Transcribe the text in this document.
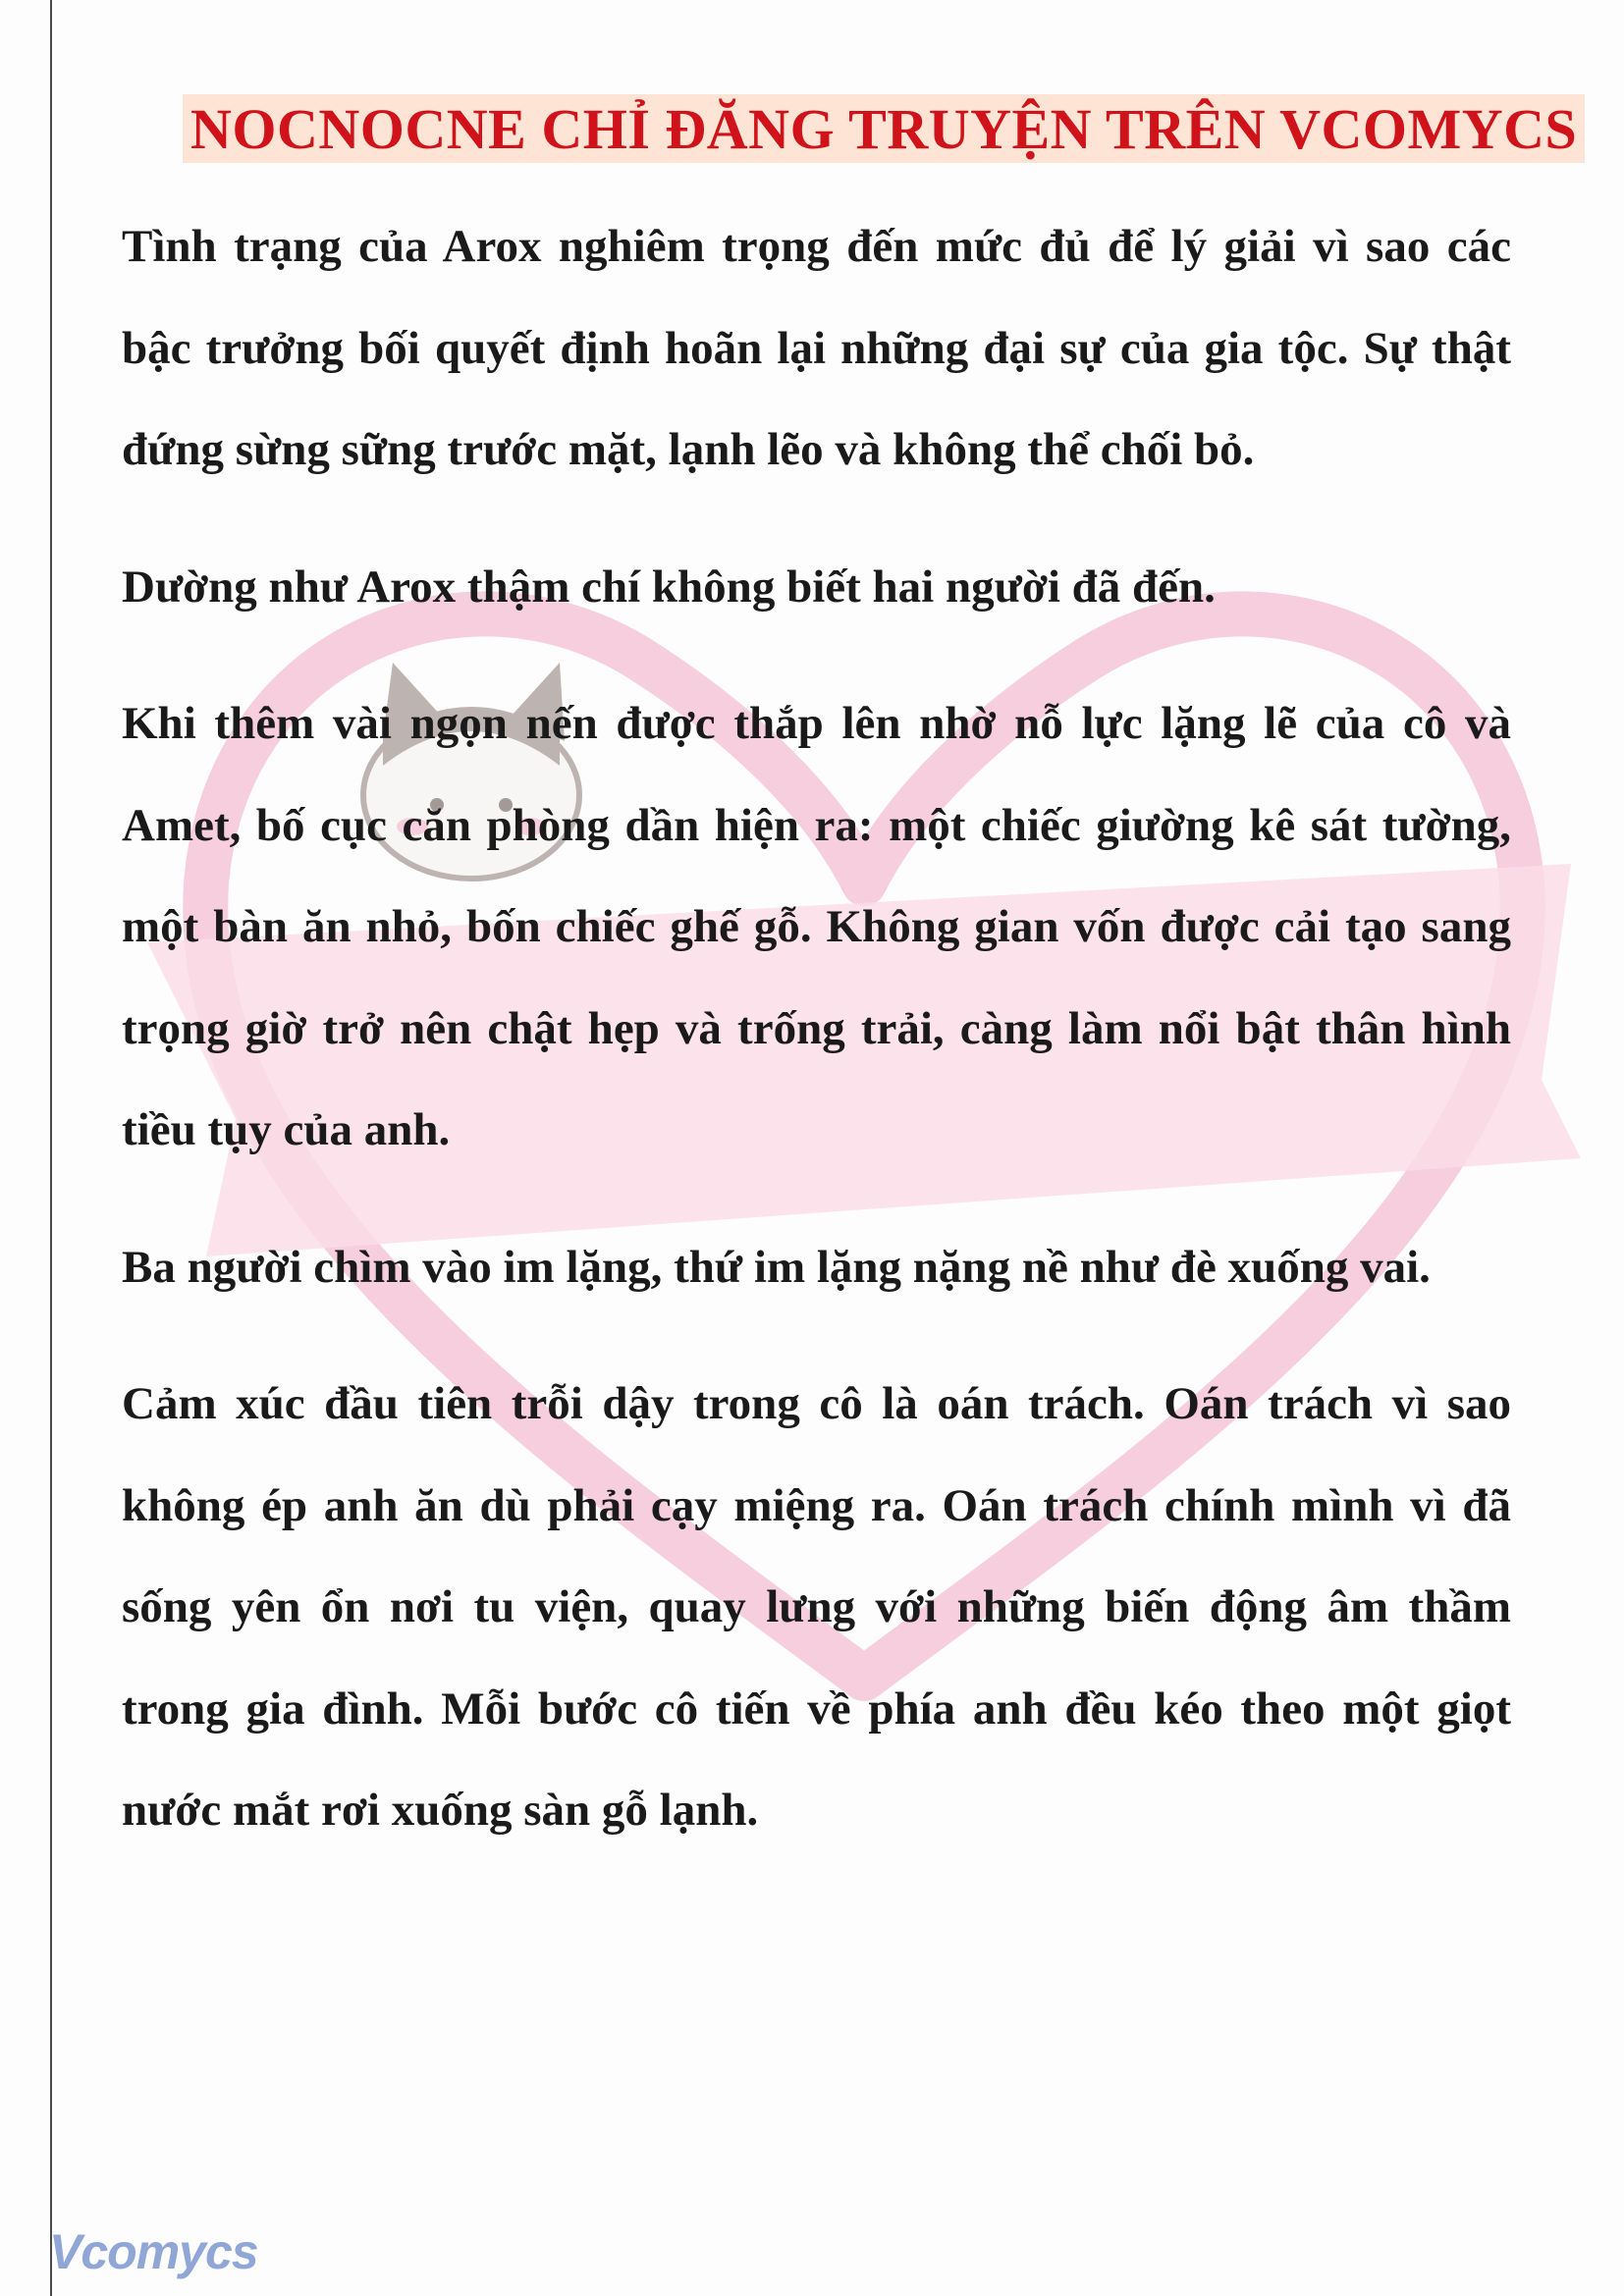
NOCNOCNE CHỈ ĐĂNG TRUYỆN TRÊN VCOMYCS

Tình trạng của Arox nghiêm trọng đến mức đủ để lý giải vì sao các bậc trưởng bối quyết định hoãn lại những đại sự của gia tộc. Sự thật đứng sừng sững trước mặt, lạnh lẽo và không thể chối bỏ.

Dường như Arox thậm chí không biết hai người đã đến.

Khi thêm vài ngọn nến được thắp lên nhờ nỗ lực lặng lẽ của cô và Amet, bố cục căn phòng dần hiện ra: một chiếc giường kê sát tường, một bàn ăn nhỏ, bốn chiếc ghế gỗ. Không gian vốn được cải tạo sang trọng giờ trở nên chật hẹp và trống trải, càng làm nổi bật thân hình tiều tụy của anh.

Ba người chìm vào im lặng, thứ im lặng nặng nề như đè xuống vai.

Cảm xúc đầu tiên trỗi dậy trong cô là oán trách. Oán trách vì sao không ép anh ăn dù phải cạy miệng ra. Oán trách chính mình vì đã sống yên ổn nơi tu viện, quay lưng với những biến động âm thầm trong gia đình. Mỗi bước cô tiến về phía anh đều kéo theo một giọt nước mắt rơi xuống sàn gỗ lạnh.

Vcomycs
